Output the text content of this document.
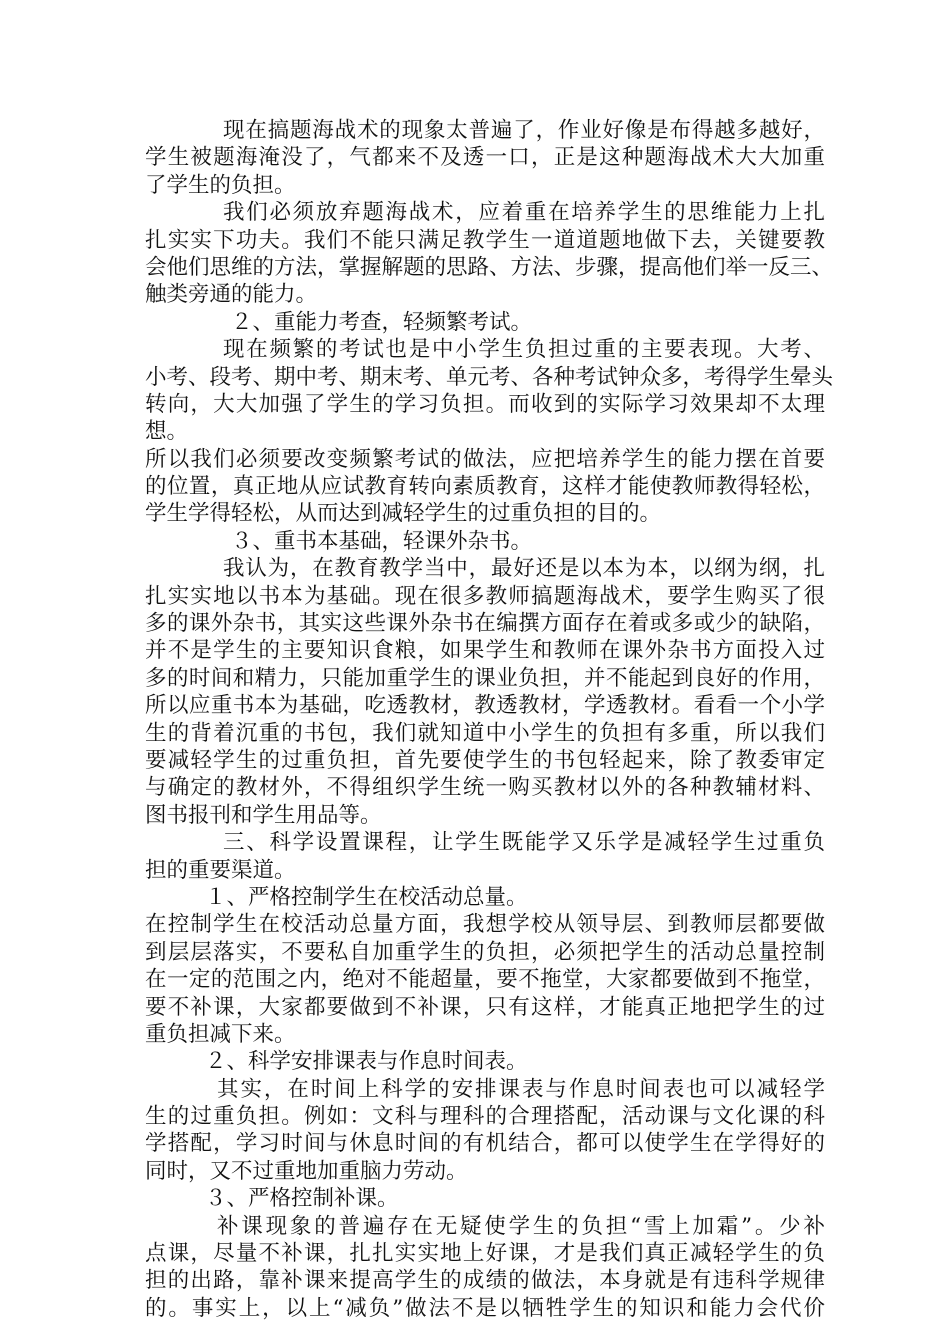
现在搞题海战术的现象太普遍了，作业好像是布得越多越好，
学生被题海淹没了，气都来不及透一口，正是这种题海战术大大加重
了学生的负担。
我们必须放弃题海战术，应着重在培养学生的思维能力上扎
扎实实下功夫。我们不能只满足教学生一道道题地做下去，关键要教
会他们思维的方法，掌握解题的思路、方法、步骤，提高他们举一反三、
触类旁通的能力。
２、重能力考查，轻频繁考试。
现在频繁的考试也是中小学生负担过重的主要表现。大考、
小考、段考、期中考、期末考、单元考、各种考试钟众多，考得学生晕头
转向，大大加强了学生的学习负担。而收到的实际学习效果却不太理
想。
所以我们必须要改变频繁考试的做法，应把培养学生的能力摆在首要
的位置，真正地从应试教育转向素质教育，这样才能使教师教得轻松，
学生学得轻松，从而达到减轻学生的过重负担的目的。
３、重书本基础，轻课外杂书。
我认为，在教育教学当中，最好还是以本为本，以纲为纲，扎
扎实实地以书本为基础。现在很多教师搞题海战术，要学生购买了很
多的课外杂书，其实这些课外杂书在编撰方面存在着或多或少的缺陷，
并不是学生的主要知识食粮，如果学生和教师在课外杂书方面投入过
多的时间和精力，只能加重学生的课业负担，并不能起到良好的作用，
所以应重书本为基础，吃透教材，教透教材，学透教材。看看一个小学
生的背着沉重的书包，我们就知道中小学生的负担有多重，所以我们
要减轻学生的过重负担，首先要使学生的书包轻起来，除了教委审定
与确定的教材外，不得组织学生统一购买教材以外的各种教辅材料、
图书报刊和学生用品等。
三、科学设置课程，让学生既能学又乐学是减轻学生过重负
担的重要渠道。
１、严格控制学生在校活动总量。
在控制学生在校活动总量方面，我想学校从领导层、到教师层都要做
到层层落实，不要私自加重学生的负担，必须把学生的活动总量控制
在一定的范围之内，绝对不能超量，要不拖堂，大家都要做到不拖堂，
要不补课，大家都要做到不补课，只有这样，才能真正地把学生的过
重负担减下来。
２、科学安排课表与作息时间表。
其实，在时间上科学的安排课表与作息时间表也可以减轻学
生的过重负担。例如：文科与理科的合理搭配，活动课与文化课的科
学搭配，学习时间与休息时间的有机结合，都可以使学生在学得好的
同时，又不过重地加重脑力劳动。
３、严格控制补课。
补课现象的普遍存在无疑使学生的负担“雪上加霜”。少补
点课，尽量不补课，扎扎实实地上好课，才是我们真正减轻学生的负
担的出路，靠补课来提高学生的成绩的做法，本身就是有违科学规律
的。事实上，以上“减负”做法不是以牺牲学生的知识和能力会代价
